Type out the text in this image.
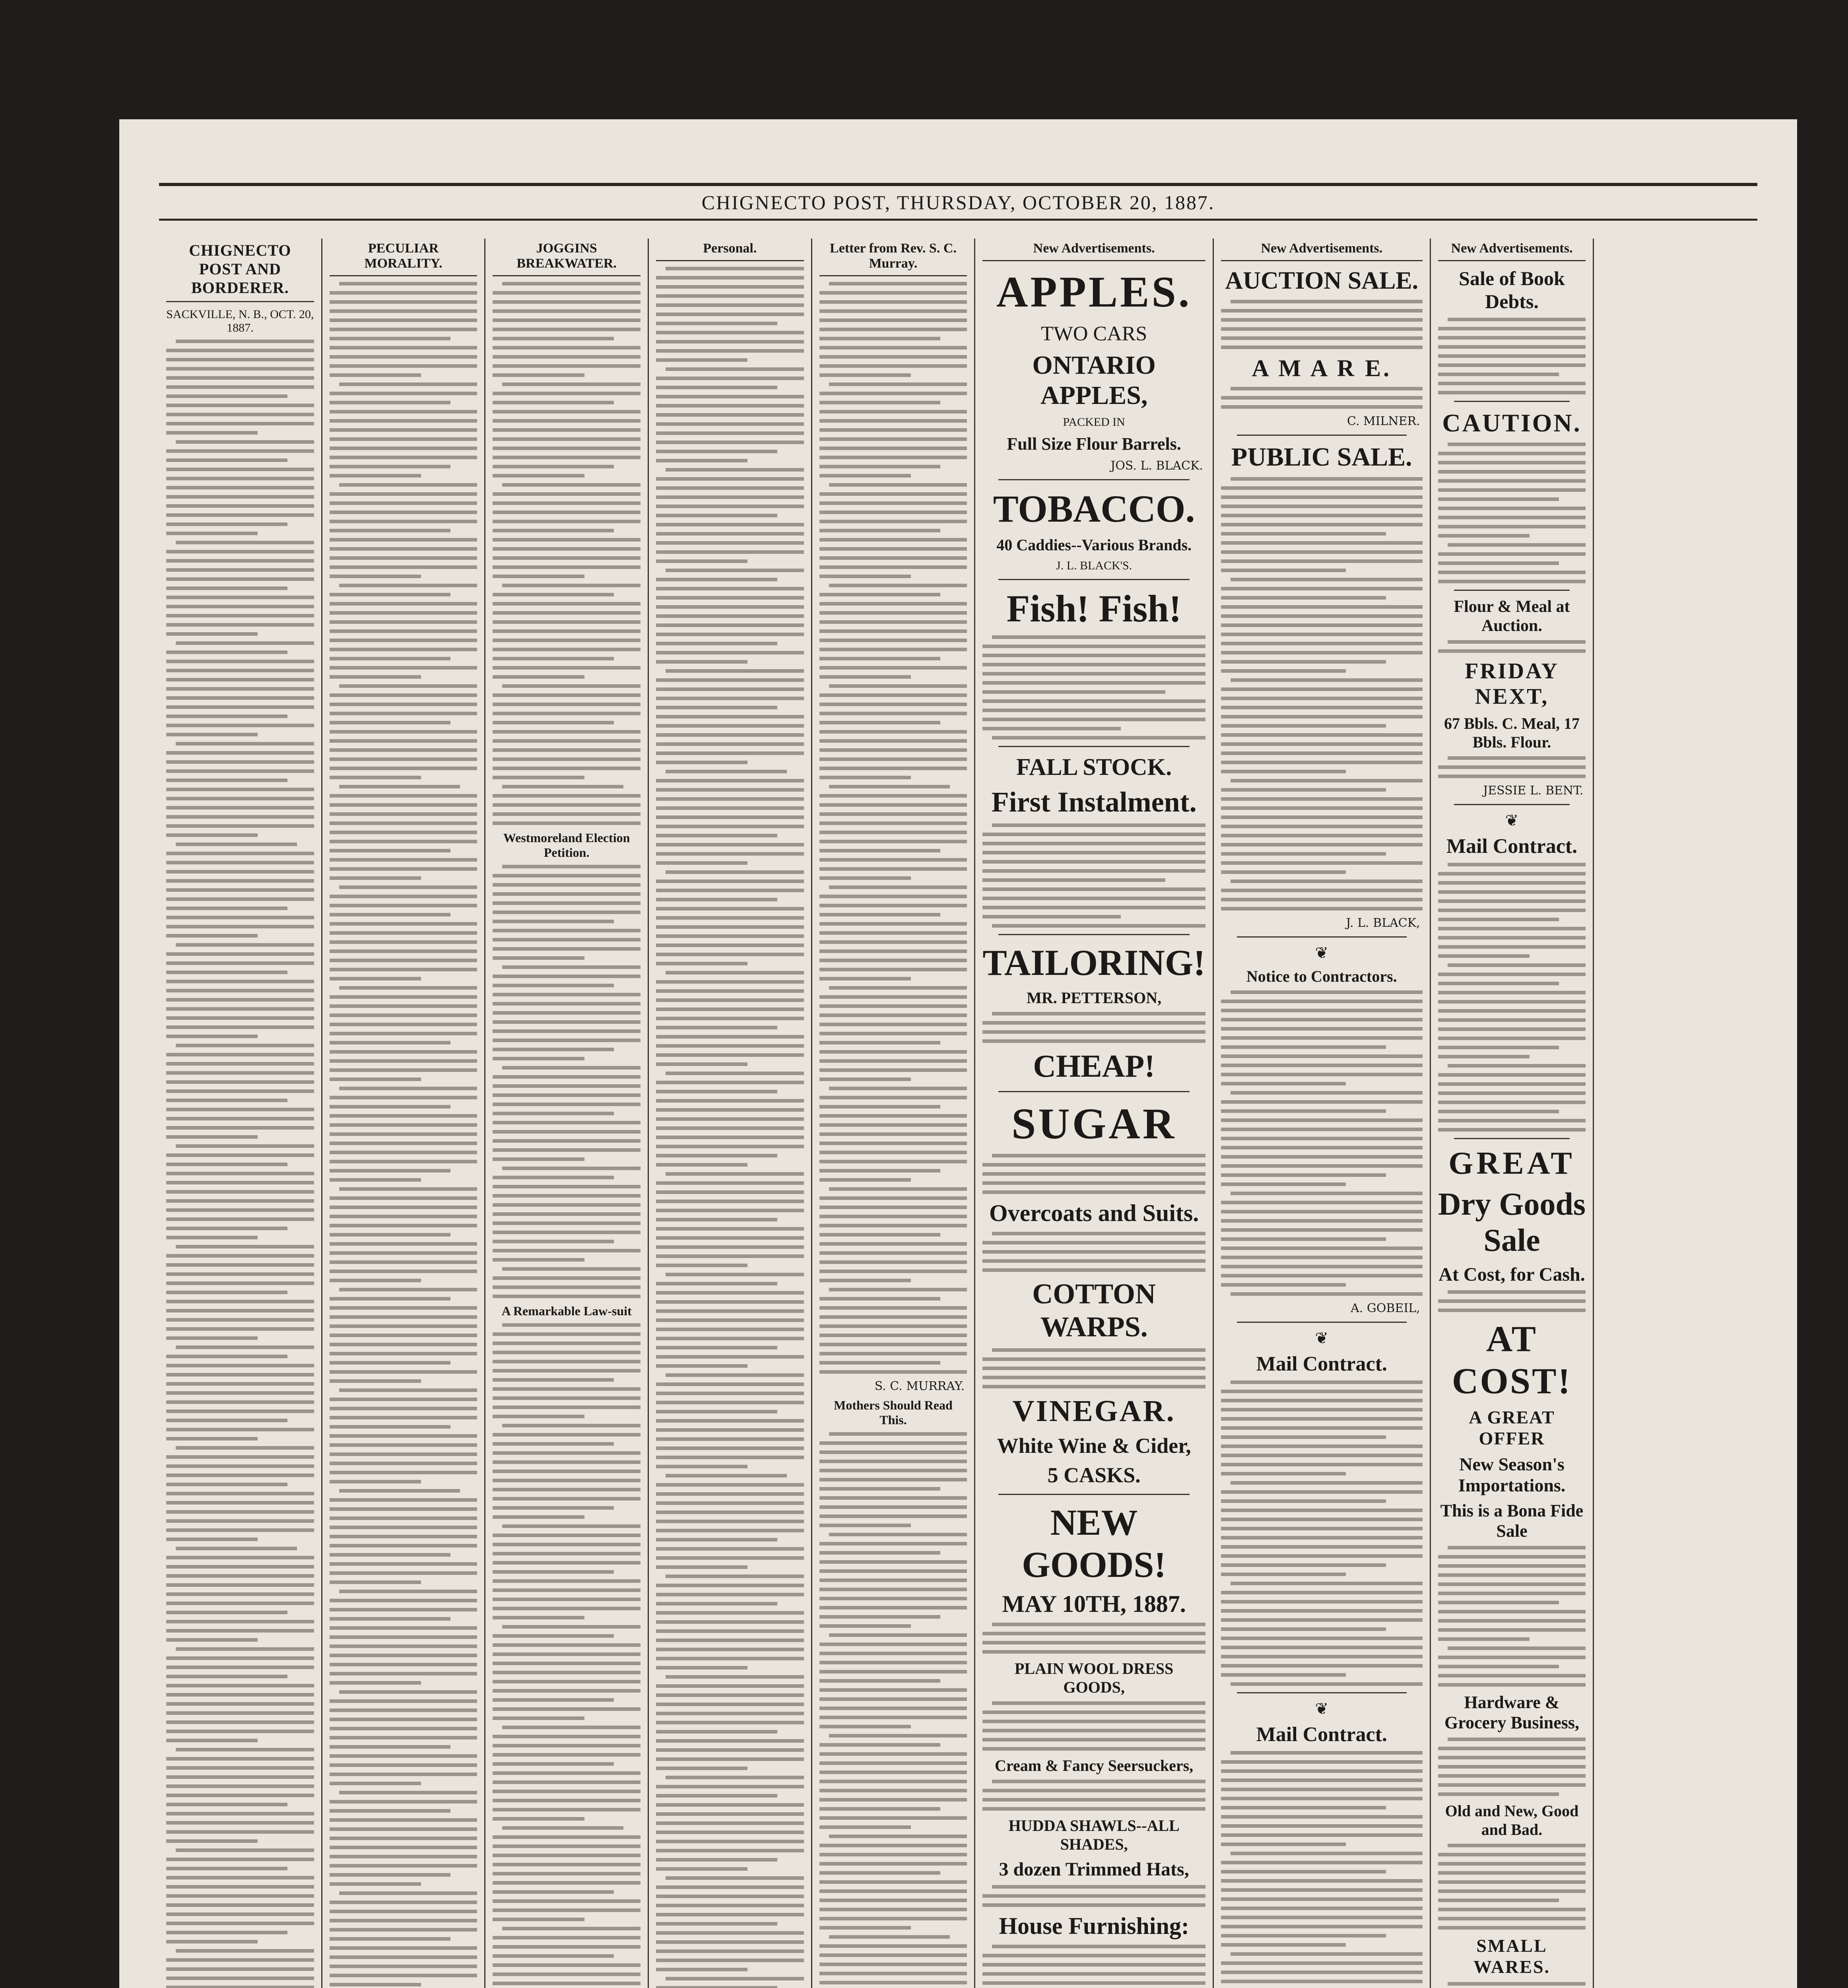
CHIGNECTO POST, THURSDAY, OCTOBER 20, 1887.
CHIGNECTO POST AND BORDERER.
SACKVILLE, N. B., OCT. 20, 1887.
PECULIAR MORALITY.
JOGGINS BREAKWATER.
Westmoreland Election Petition.
A Remarkable Law-suit
Personal.	Letter from Rev. S. C. Murray.
S. C. MURRAY.
Mothers Should Read This.
New Advertisements.
APPLES.
TWO CARS
ONTARIO APPLES,
PACKED IN
Full Size Flour Barrels.
JOS. L. BLACK.
TOBACCO.
40 Caddies--Various Brands.
J. L. BLACK'S.
Fish! Fish!
FALL STOCK.
First Instalment.
TAILORING!
MR. PETTERSON,
CHEAP!
SUGAR
Overcoats and Suits.
COTTON WARPS.
VINEGAR.
White Wine & Cider,
5 CASKS.
NEW GOODS!
MAY 10TH, 1887.
PLAIN WOOL DRESS GOODS,
Cream & Fancy Seersuckers,
HUDDA SHAWLS--ALL SHADES,
3 dozen Trimmed Hats,
House Furnishing:
New Advertisements.
AUCTION SALE.
A M A R E.
C. MILNER.
PUBLIC SALE.
J. L. BLACK,
❦
Notice to Contractors.
A. GOBEIL,
❦
Mail Contract.
❦
Mail Contract.
New Advertisements.
Sale of Book Debts.
CAUTION.
Flour & Meal at Auction.
FRIDAY NEXT,
67 Bbls. C. Meal, 17 Bbls. Flour.
JESSIE L. BENT.
❦
Mail Contract.
GREAT
Dry Goods Sale
At Cost, for Cash.
AT COST!
A GREAT OFFER
New Season's Importations.
This is a Bona Fide Sale
Hardware & Grocery Business,
Old and New, Good and Bad.
SMALL WARES.
